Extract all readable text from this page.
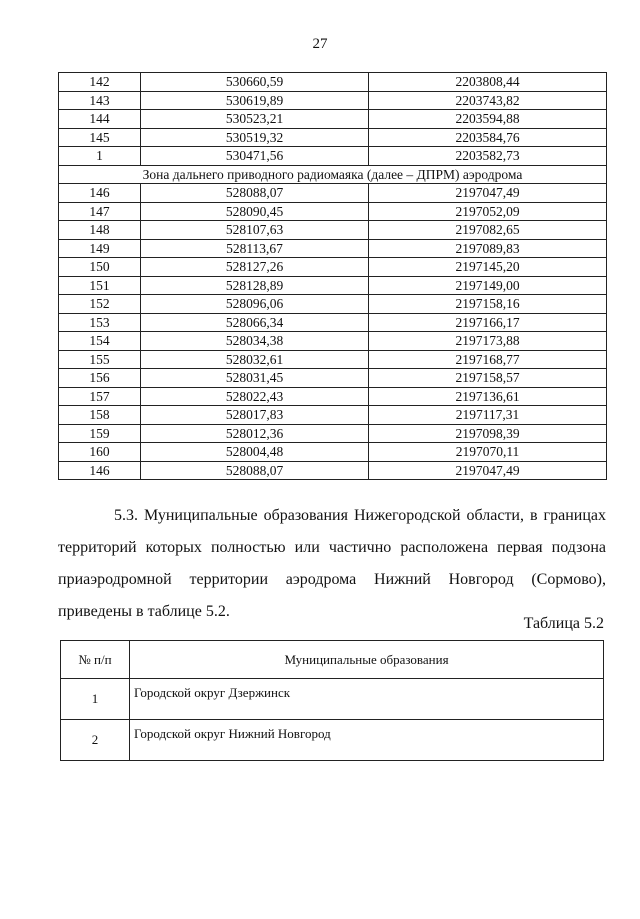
27
142	530660,59	2203808,44
143	530619,89	2203743,82
144	530523,21	2203594,88
145	530519,32	2203584,76
1	530471,56	2203582,73
Зона дальнего приводного радиомаяка (далее – ДПРМ) аэродрома		
146	528088,07	2197047,49
147	528090,45	2197052,09
148	528107,63	2197082,65
149	528113,67	2197089,83
150	528127,26	2197145,20
151	528128,89	2197149,00
152	528096,06	2197158,16
153	528066,34	2197166,17
154	528034,38	2197173,88
155	528032,61	2197168,77
156	528031,45	2197158,57
157	528022,43	2197136,61
158	528017,83	2197117,31
159	528012,36	2197098,39
160	528004,48	2197070,11
146	528088,07	2197047,49

5.3. Муниципальные образования Нижегородской области, в границах территорий которых полностью или частично расположена первая подзона приаэродромной территории аэродрома Нижний Новгород (Сормово), приведены в таблице 5.2.

Таблица 5.2
№ п/п	Муниципальные образования
1	Городской округ Дзержинск
2	Городской округ Нижний Новгород
